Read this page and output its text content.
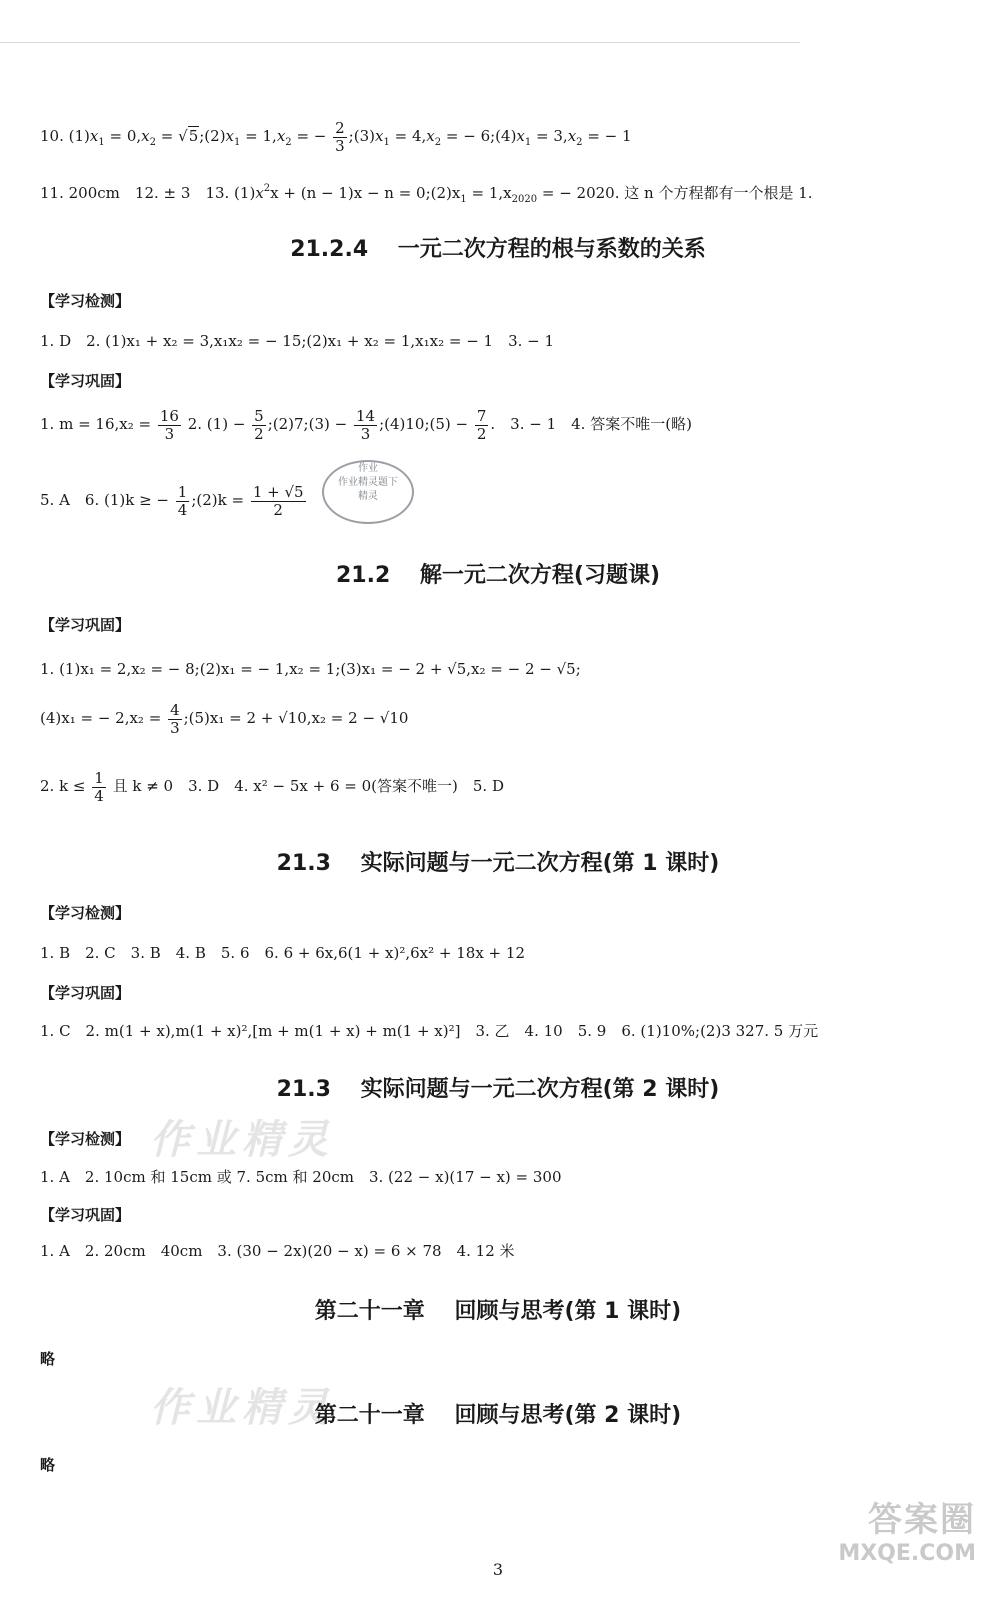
10. $(1)x_1 = 0,x_2$ = $√5;(2)x_1 = 1,x_2$ = − $\frac{2}{3}$ $;(3)x_1 = 4,x_2$ = − $6;(4)x_1 = 3,x_2$ = − 1
11. 200cm　 12. ± 3　 13. $(1)x^2x + (n - 1)x - n$ = $0;(2)x_1 = 1,x_{2020}$ = − 2020. 这 n 个方程都有一个根是 1.
21.2.4　 一元二次方程的根与系数的关系
【学习检测】
1. D　2. (1)x₁ + x₂ = 3,x₁x₂ = − 15;(2)x₁ + x₂ = 1,x₁x₂ = − 1　3. − 1
【学习巩固】
1. $m = 16,x_2 = \frac{16}{3} 2$. $(1) - \frac{5}{2}$ ;(2)7;(3) − $\frac{14}{3}$ ;(4)10;(5) − $\frac{7}{2}$ .　3. − 1　4. 答案不唯一(略)
5. A　6. (1)k ≥ − $\frac{1}{4}$ ;(2)k = $\frac{1 + √5}{2}$
作业
作业精灵题下
精灵
21.2　 解一元二次方程(习题课)
【学习巩固】
1. (1)x₁ = 2,x₂ = − 8;(2)x₁ = − 1,x₂ = 1;(3)x₁ = − 2 + √5,x₂ = − 2 − √5;
(4)x₁ = − $2,x_2 = \frac{4}{3}$ ;(5)x₁ = 2 + √10,x₂ = 2 − √10
2. $k \le \frac{1}{4}$ 且 k ≠ 0　3. D　4. x² − 5x + 6 = 0(答案不唯一)　5. D
21.3　 实际问题与一元二次方程(第 1 课时)
【学习检测】
1. B　2. C　3. B　4. B　5. 6　6. 6 + 6x,6(1 + x)²,6x² + 18x + 12
【学习巩固】
1. C　2. m(1 + x),m(1 + x)²,[m + m(1 + x) + m(1 + x)²]　3. 乙　4. 10　5. 9　6. (1)10%;(2)3 327. 5 万元
21.3　 实际问题与一元二次方程(第 2 课时)
作业精灵
【学习检测】
1. A　2. 10cm 和 15cm 或 7. 5cm 和 20cm　3. (22 − x)(17 − x) = 300
【学习巩固】
1. A　2. 20cm　40cm　3. (30 − 2x)(20 − x) = 6 × 78　4. 12 米
第二十一章　 回顾与思考(第 1 课时)
略
作业精灵
第二十一章　 回顾与思考(第 2 课时)
略
答案圈
MXQE.COM
3
